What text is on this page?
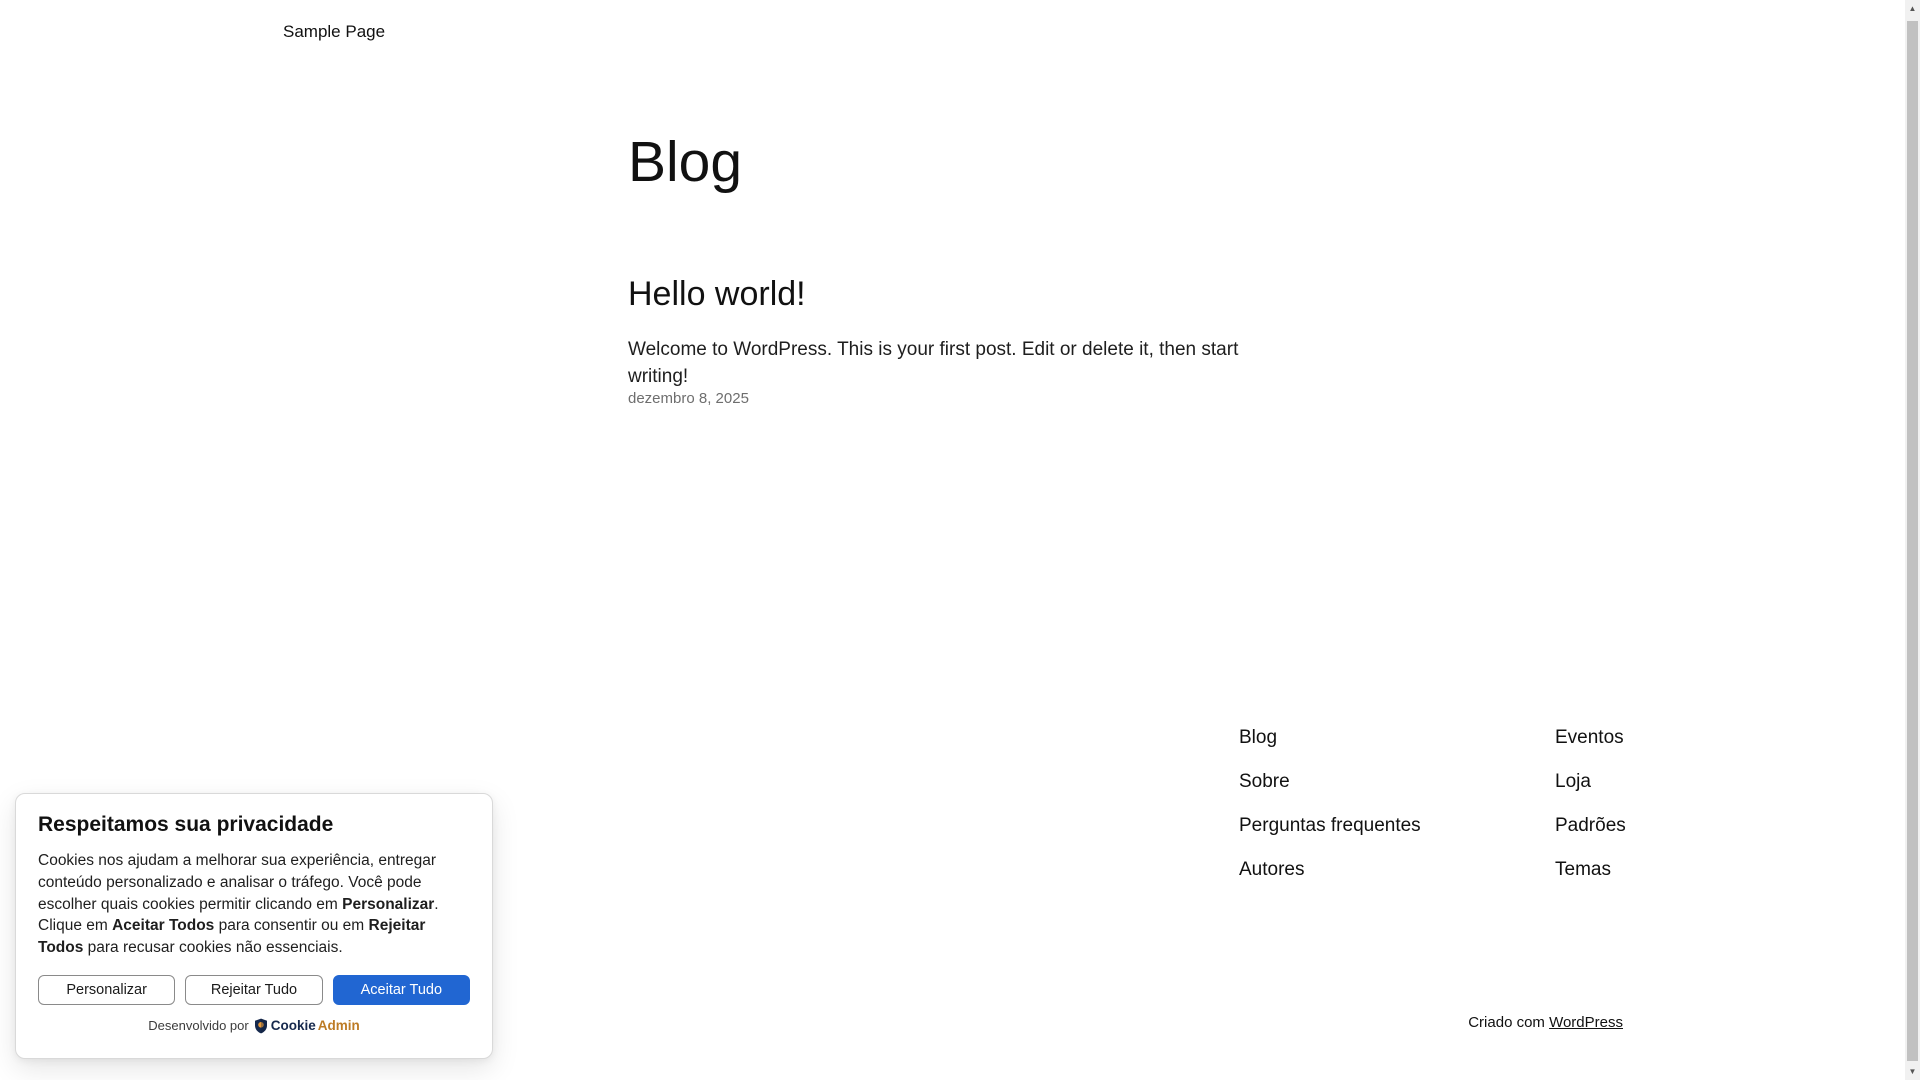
Sample Page
Blog
Hello world!

Welcome to WordPress. This is your first post. Edit or delete it, then start writing!

dezembro 8, 2025
Blog
Sobre
Perguntas frequentes
Autores
Eventos
Loja
Padrões
Temas
Criado com WordPress
Respeitamos sua privacidade

Cookies nos ajudam a melhorar sua experiência, entregar conteúdo personalizado e analisar o tráfego. Você pode escolher quais cookies permitir clicando em Personalizar. Clique em Aceitar Todos para consentir ou em Rejeitar Todos para recusar cookies não essenciais.

Personalizar	Rejeitar Tudo	Aceitar Tudo
Desenvolvido por Cookie Admin
▲
▼
